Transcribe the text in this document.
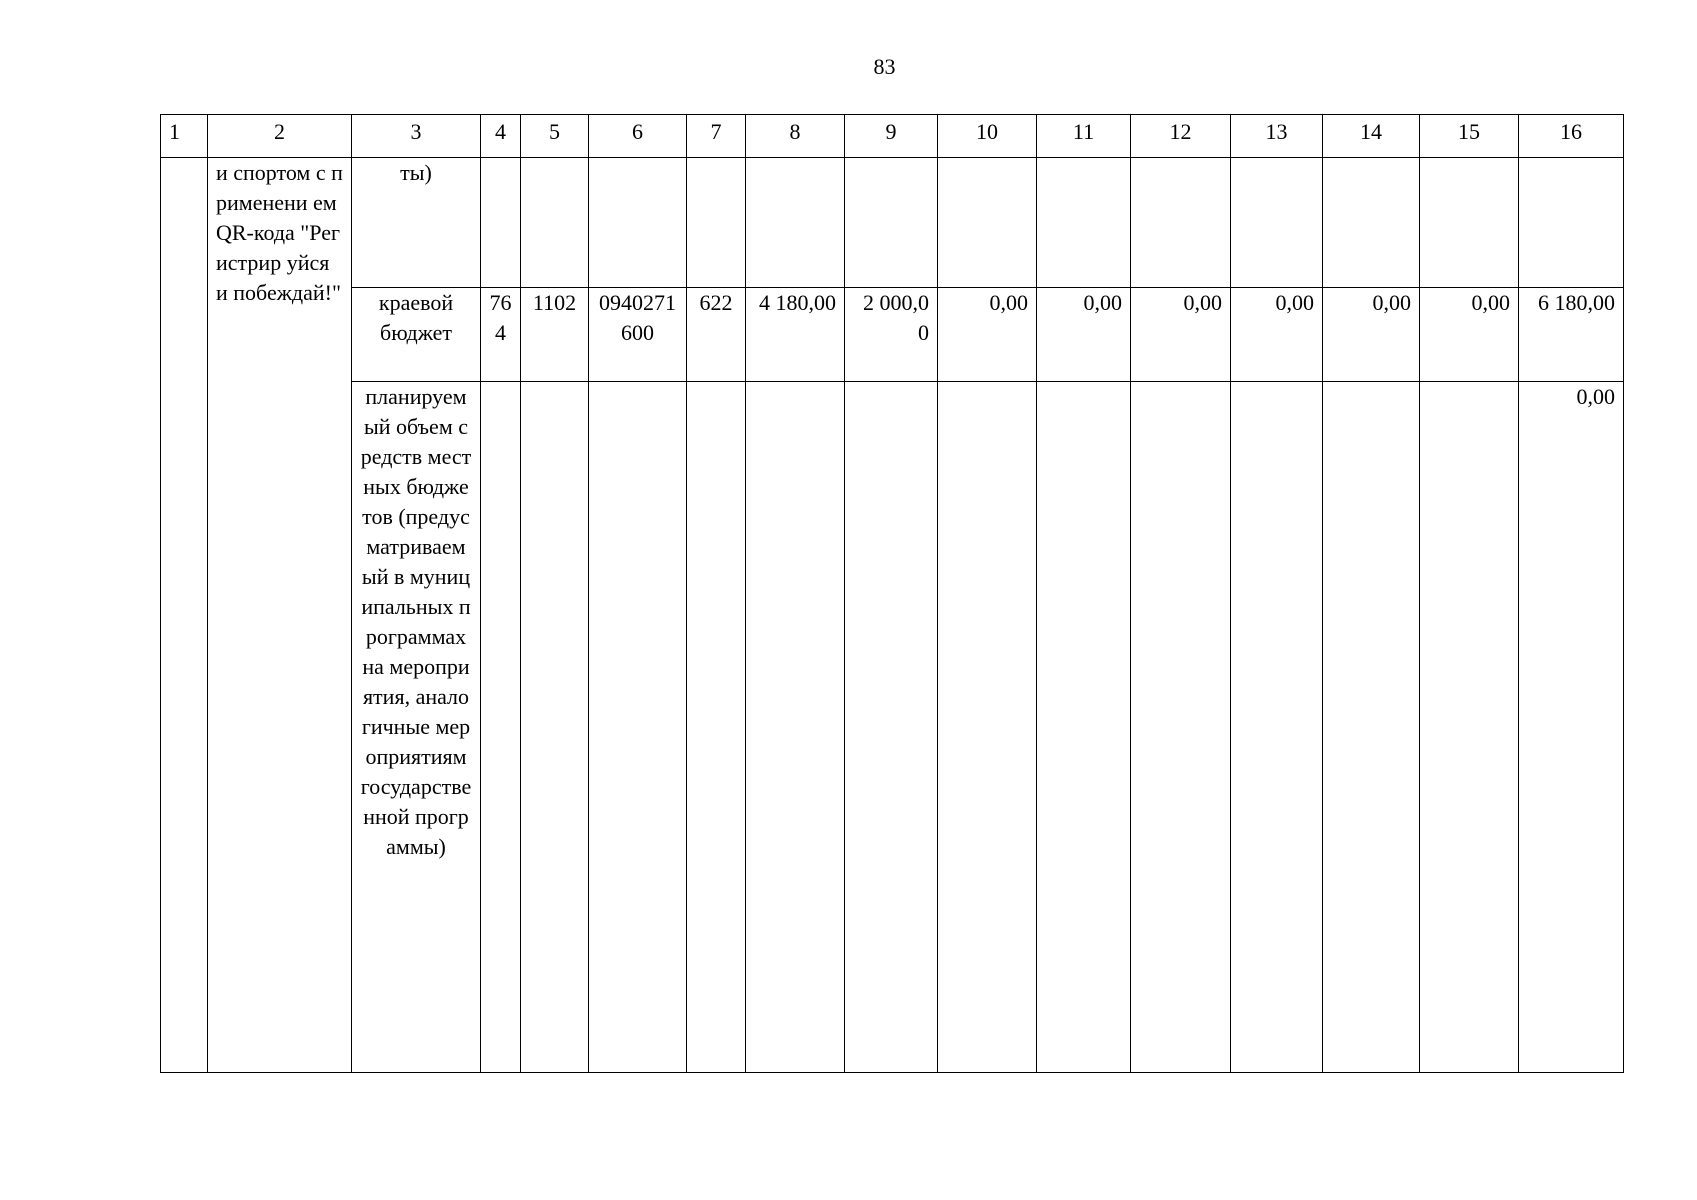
83
1	2	3	4	5	6	7	8	9	10	11	12	13	14	15	16
	и спортом с применени ем QR-кода "Регистрир уйся и побеждай!"	ты)													
		краевой бюджет	764	1102	0940271600	622	4 180,00	2 000,00	0,00	0,00	0,00	0,00	0,00	0,00	6 180,00
		планируемый объем средств местных бюджетов (предусматриваемый в муниципальных программах на мероприятия, аналогичные мероприятиям государственной программы)													0,00
